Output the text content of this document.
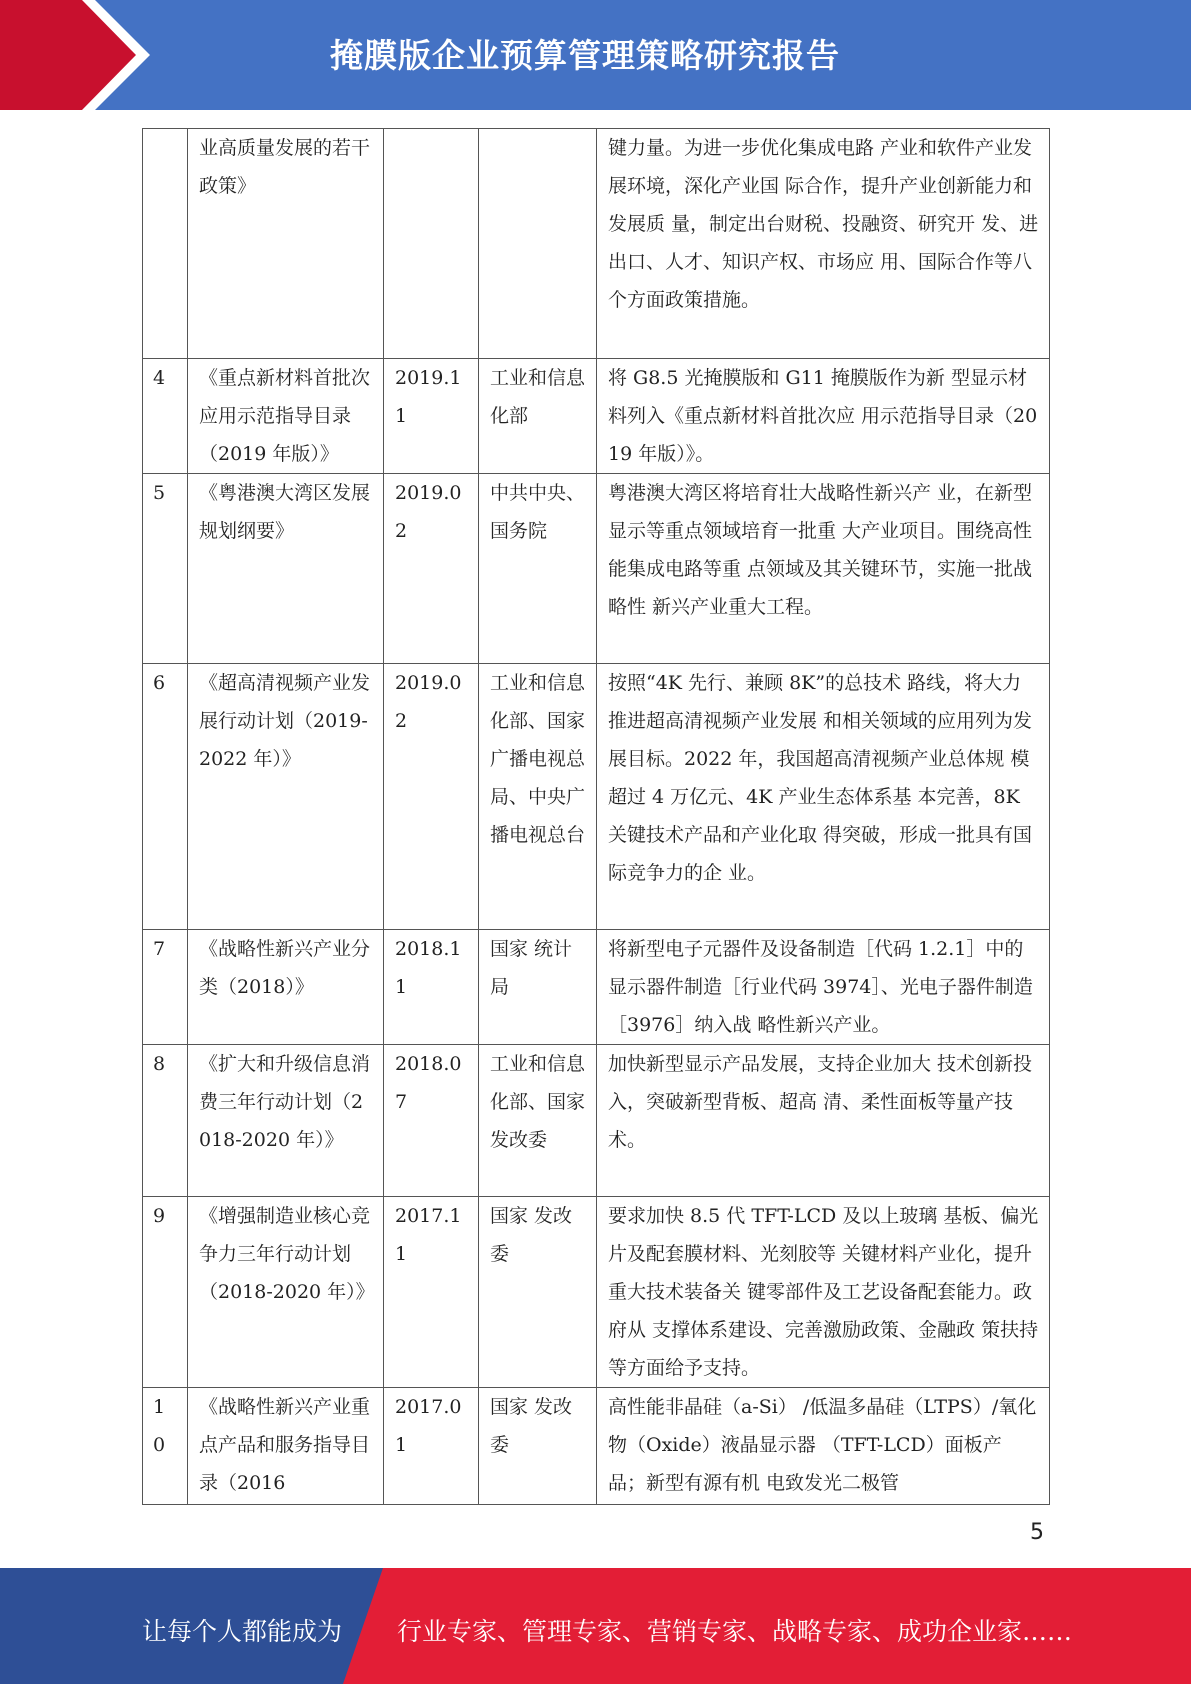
掩膜版企业预算管理策略研究报告
	业高质量发展的若干政策》			键力量。为进一步优化集成电路 产业和软件产业发展环境，深化产业国 际合作，提升产业创新能力和发展质 量，制定出台财税、投融资、研究开 发、进出口、人才、知识产权、市场应 用、国际合作等八个方面政策措施。
4	《重点新材料首批次应用示范指导目录（2019 年版）》	2019.11	工业和信息化部	将 G8.5 光掩膜版和 G11 掩膜版作为新 型显示材料列入《重点新材料首批次应 用示范指导目录（2019 年版）》。
5	《粤港澳大湾区发展规划纲要》	2019.02	中共中央、国务院	粤港澳大湾区将培育壮大战略性新兴产 业，在新型显示等重点领域培育一批重 大产业项目。围绕高性能集成电路等重 点领域及其关键环节，实施一批战略性 新兴产业重大工程。
6	《超高清视频产业发展行动计划（2019-2022 年）》	2019.02	工业和信息化部、国家广播电视总局、中央广播电视总台	按照“4K 先行、兼顾 8K”的总技术 路线，将大力推进超高清视频产业发展 和相关领域的应用列为发展目标。2022 年，我国超高清视频产业总体规 模超过 4 万亿元、4K 产业生态体系基 本完善，8K 关键技术产品和产业化取 得突破，形成一批具有国际竞争力的企 业。
7	《战略性新兴产业分类（2018）》	2018.11	国家 统计局	将新型电子元器件及设备制造［代码 1.2.1］中的显示器件制造［行业代码 3974］、光电子器件制造［3976］纳入战 略性新兴产业。
8	《扩大和升级信息消费三年行动计划（2018-2020 年）》	2018.07	工业和信息化部、国家发改委	加快新型显示产品发展，支持企业加大 技术创新投入，突破新型背板、超高 清、柔性面板等量产技术。
9	《增强制造业核心竞争力三年行动计划（2018-2020 年）》	2017.11	国家 发改委	要求加快 8.5 代 TFT-LCD 及以上玻璃 基板、偏光片及配套膜材料、光刻胶等 关键材料产业化，提升重大技术装备关 键零部件及工艺设备配套能力。政府从 支撑体系建设、完善激励政策、金融政 策扶持等方面给予支持。
10	《战略性新兴产业重点产品和服务指导目录（2016	2017.01	国家 发改委	高性能非晶硅（a-Si） /低温多晶硅（LTPS）/氧化物（Oxide）液晶显示器 （TFT-LCD）面板产品；新型有源有机 电致发光二极管
5
让每个人都能成为 行业专家、管理专家、营销专家、战略专家、成功企业家……
